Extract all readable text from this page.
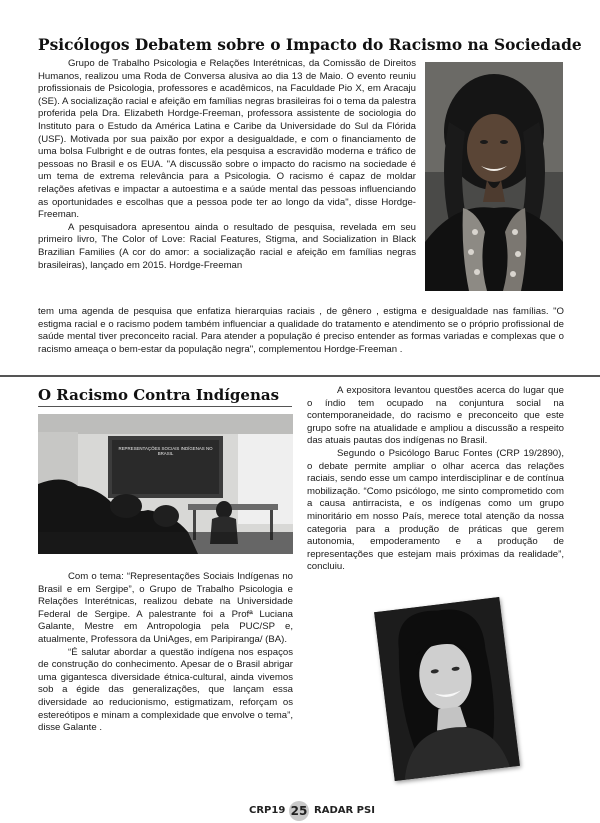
Psicólogos Debatem sobre o Impacto do Racismo na Sociedade

Grupo de Trabalho Psicologia e Relações Interétnicas, da Comissão de Direitos Humanos, realizou uma Roda de Conversa alusiva ao dia 13 de Maio. O evento reuniu profissionais de Psicologia, professores e acadêmicos, na Faculdade Pio X, em Aracaju (SE). A socialização racial e afeição em famílias negras brasileiras foi o tema da palestra proferida pela Dra. Elizabeth Hordge-Freeman, professora assistente de sociologia do Instituto para o Estudo da América Latina e Caribe da Universidade do Sul da Flórida (USF). Motivada por sua paixão por expor a desigualdade, e com o financiamento de uma bolsa Fulbright e de outras fontes, ela pesquisa a escravidão moderna e tráfico de pessoas no Brasil e os EUA. "A discussão sobre o impacto do racismo na sociedade é um tema de extrema relevância para a Psicologia. O racismo é capaz de moldar relações afetivas e impactar a autoestima e a saúde mental das pessoas influenciando as oportunidades e escolhas que a pessoa pode ter ao longo da vida", disse Hordge-Freeman.

A pesquisadora apresentou ainda o resultado de pesquisa, revelada em seu primeiro livro, The Color of Love: Racial Features, Stigma, and Socialization in Black Brazilian Families (A cor do amor: a socialização racial e afeição em famílias negras brasileiras), lançado em 2015. Hordge-Freeman

tem uma agenda de pesquisa que enfatiza hierarquias raciais , de gênero , estigma e desigualdade nas famílias. "O estigma racial e o racismo podem também influenciar a qualidade do tratamento e atendimento se o próprio profissional de saúde mental tiver preconceito racial. Para atender a população é preciso entender as formas variadas e complexas que o racismo ameaça o bem-estar da população negra", complementou Hordge-Freeman .

O Racismo Contra Indígenas
REPRESENTAÇÕES SOCIAIS INDÍGENAS NO BRASIL

Com o tema: “Representações Sociais Indígenas no Brasil e em Sergipe”, o Grupo de Trabalho Psicologia e Relações Interétnicas, realizou debate na Universidade Federal de Sergipe. A palestrante foi a Profª Luciana Galante, Mestre em Antropologia pela PUC/SP e, atualmente, Professora da UniAges, em Paripiranga/ (BA).

“É salutar abordar a questão indígena nos espaços de construção do conhecimento. Apesar de o Brasil abrigar uma gigantesca diversidade étnica-cultural, ainda vivemos sob a égide das generalizações, que lançam essa diversidade ao reducionismo, estigmatizam, reforçam os estereótipos e minam a complexidade que envolve o tema”, disse Galante .

A expositora levantou questões acerca do lugar que o índio tem ocupado na conjuntura social na contemporaneidade, do racismo e preconceito que este grupo sofre na atualidade e ampliou a discussão a respeito das atuais pautas dos indígenas no Brasil.

Segundo o Psicólogo Baruc Fontes (CRP 19/2890), o debate permite ampliar o olhar acerca das relações raciais, sendo esse um campo interdisciplinar e de contínua mobilização. “Como psicólogo, me sinto comprometido com a causa antirracista, e os indígenas como um grupo minoritário em nosso País, merece total atenção da nossa categoria para a produção de práticas que gerem autonomia, empoderamento e a produção de representações que estejam mais próximas da realidade”, concluiu.

CRP19 25 RADAR PSI
